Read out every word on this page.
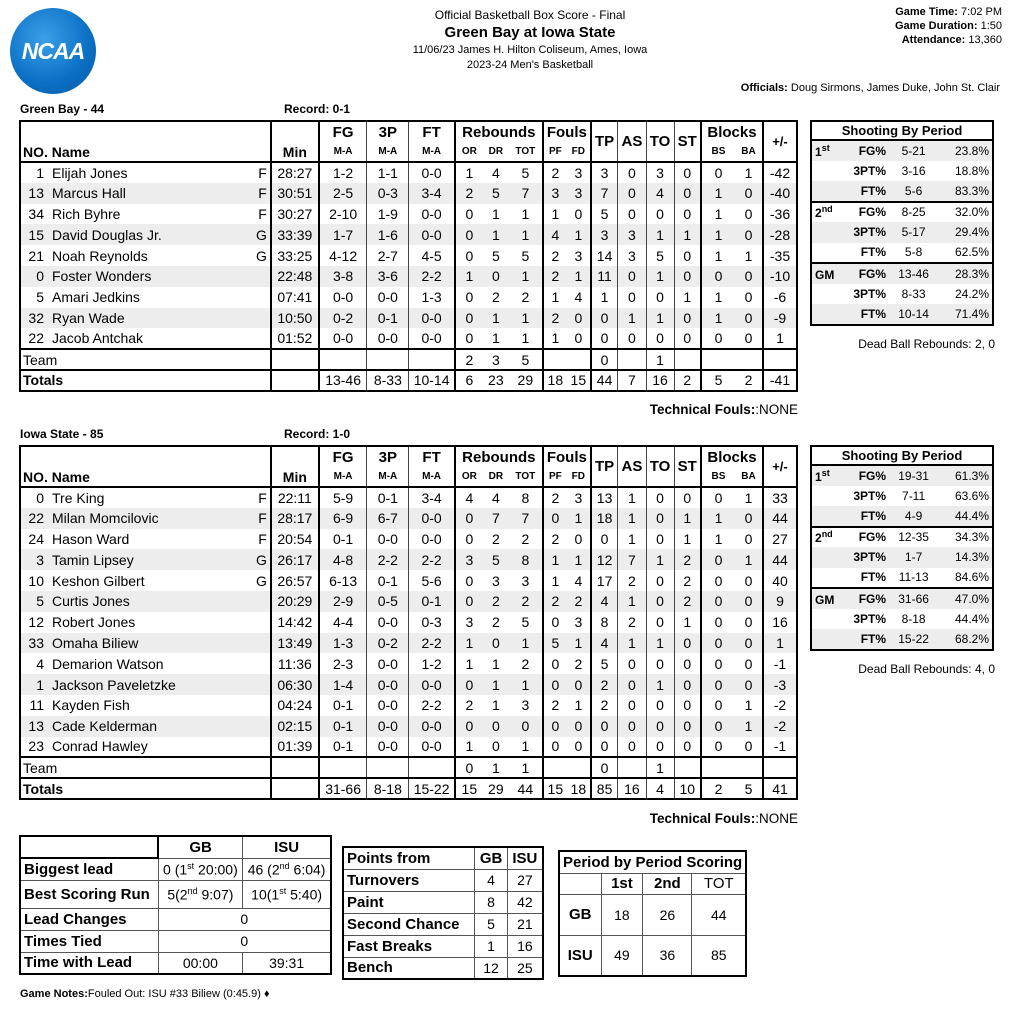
NCAA
Official Basketball Box Score - Final
Green Bay at Iowa State
11/06/23 James H. Hilton Coliseum, Ames, Iowa
2023-24 Men's Basketball
Game Time: 7:02 PM
Game Duration: 1:50
Attendance: 13,360
Officials: Doug Sirmons, James Duke, John St. Clair
Green Bay - 44	Record: 0-1
			FG	3P	FT	Rebounds			Fouls		TP	AS	TO	ST	Blocks		+/-
NO. Name		Min	M-A	M-A	M-A	OR	DR	TOT	PF	FD					BS	BA	
1	Elijah Jones F	28:27	1-2	1-1	0-0	1	4	5	2	3	3	0	3	0	0	1	-42
13	Marcus Hall F	30:51	2-5	0-3	3-4	2	5	7	3	3	7	0	4	0	1	0	-40
34	Rich Byhre F	30:27	2-10	1-9	0-0	0	1	1	1	0	5	0	0	0	1	0	-36
15	David Douglas Jr. G	33:39	1-7	1-6	0-0	0	1	1	4	1	3	3	1	1	1	0	-28
21	Noah Reynolds G	33:25	4-12	2-7	4-5	0	5	5	2	3	14	3	5	0	1	1	-35
0	Foster Wonders	22:48	3-8	3-6	2-2	1	0	1	2	1	11	0	1	0	0	0	-10
5	Amari Jedkins	07:41	0-0	0-0	1-3	0	2	2	1	4	1	0	0	1	1	0	-6
32	Ryan Wade	10:50	0-2	0-1	0-0	0	1	1	2	0	0	1	1	0	1	0	-9
22	Jacob Antchak	01:52	0-0	0-0	0-0	0	1	1	1	0	0	0	0	0	0	0	1
Team						2	3	5			0		1				
Totals			13-46	8-33	10-14	6	23	29	18	15	44	7	16	2	5	2	-41
Technical Fouls::NONE
Shooting By Period			
1st	FG%	5-21	23.8%
	3PT%	3-16	18.8%
	FT%	5-6	83.3%
2nd	FG%	8-25	32.0%
	3PT%	5-17	29.4%
	FT%	5-8	62.5%
GM	FG%	13-46	28.3%
	3PT%	8-33	24.2%
	FT%	10-14	71.4%
Dead Ball Rebounds: 2, 0
Iowa State - 85	Record: 1-0
			FG	3P	FT	Rebounds			Fouls		TP	AS	TO	ST	Blocks		+/-
NO. Name		Min	M-A	M-A	M-A	OR	DR	TOT	PF	FD					BS	BA	
0	Tre King F	22:11	5-9	0-1	3-4	4	4	8	2	3	13	1	0	0	0	1	33
22	Milan Momcilovic F	28:17	6-9	6-7	0-0	0	7	7	0	1	18	1	0	1	1	0	44
24	Hason Ward F	20:54	0-1	0-0	0-0	0	2	2	2	0	0	1	0	1	1	0	27
3	Tamin Lipsey G	26:17	4-8	2-2	2-2	3	5	8	1	1	12	7	1	2	0	1	44
10	Keshon Gilbert G	26:57	6-13	0-1	5-6	0	3	3	1	4	17	2	0	2	0	0	40
5	Curtis Jones	20:29	2-9	0-5	0-1	0	2	2	2	2	4	1	0	2	0	0	9
12	Robert Jones	14:42	4-4	0-0	0-3	3	2	5	0	3	8	2	0	1	0	0	16
33	Omaha Biliew	13:49	1-3	0-2	2-2	1	0	1	5	1	4	1	1	0	0	0	1
4	Demarion Watson	11:36	2-3	0-0	1-2	1	1	2	0	2	5	0	0	0	0	0	-1
1	Jackson Paveletzke	06:30	1-4	0-0	0-0	0	1	1	0	0	2	0	1	0	0	0	-3
11	Kayden Fish	04:24	0-1	0-0	2-2	2	1	3	2	1	2	0	0	0	0	1	-2
13	Cade Kelderman	02:15	0-1	0-0	0-0	0	0	0	0	0	0	0	0	0	0	1	-2
23	Conrad Hawley	01:39	0-1	0-0	0-0	1	0	1	0	0	0	0	0	0	0	0	-1
Team						0	1	1			0		1				
Totals			31-66	8-18	15-22	15	29	44	15	18	85	16	4	10	2	5	41
Technical Fouls::NONE
Shooting By Period			
1st	FG%	19-31	61.3%
	3PT%	7-11	63.6%
	FT%	4-9	44.4%
2nd	FG%	12-35	34.3%
	3PT%	1-7	14.3%
	FT%	11-13	84.6%
GM	FG%	31-66	47.0%
	3PT%	8-18	44.4%
	FT%	15-22	68.2%
Dead Ball Rebounds: 4, 0
	GB	ISU
Biggest lead	0 (1st 20:00)	46 (2nd 6:04)
Best Scoring Run	5(2nd 9:07)	10(1st 5:40)
Lead Changes	0	
Times Tied	0	
Time with Lead	00:00	39:31
Points from	GB	ISU
Turnovers	4	27
Paint	8	42
Second Chance	5	21
Fast Breaks	1	16
Bench	12	25
Period by Period Scoring			
	1st	2nd	TOT
GB	18	26	44
ISU	49	36	85
Game Notes:Fouled Out: ISU #33 Biliew (0:45.9) ♦
